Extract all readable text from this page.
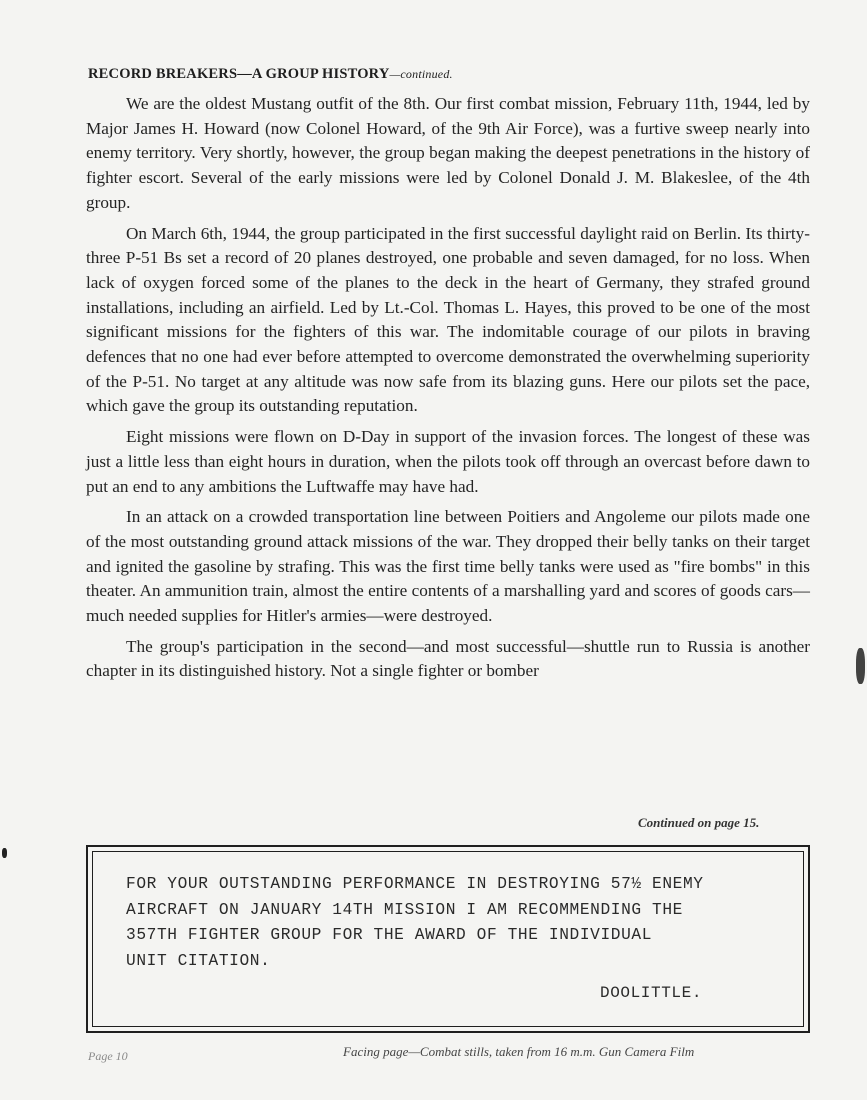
RECORD BREAKERS—A GROUP HISTORY—continued.

We are the oldest Mustang outfit of the 8th. Our first combat mission, February 11th, 1944, led by Major James H. Howard (now Colonel Howard, of the 9th Air Force), was a furtive sweep nearly into enemy territory. Very shortly, however, the group began making the deepest penetrations in the history of fighter escort. Several of the early missions were led by Colonel Donald J. M. Blakeslee, of the 4th group.

On March 6th, 1944, the group participated in the first successful daylight raid on Berlin. Its thirty-three P-51 Bs set a record of 20 planes destroyed, one probable and seven damaged, for no loss. When lack of oxygen forced some of the planes to the deck in the heart of Germany, they strafed ground installations, including an airfield. Led by Lt.-Col. Thomas L. Hayes, this proved to be one of the most significant missions for the fighters of this war. The indomitable courage of our pilots in braving defences that no one had ever before attempted to overcome demonstrated the overwhelming superiority of the P-51. No target at any altitude was now safe from its blazing guns. Here our pilots set the pace, which gave the group its outstanding reputation.

Eight missions were flown on D-Day in support of the invasion forces. The longest of these was just a little less than eight hours in duration, when the pilots took off through an overcast before dawn to put an end to any ambitions the Luftwaffe may have had.

In an attack on a crowded transportation line between Poitiers and Angoleme our pilots made one of the most outstanding ground attack missions of the war. They dropped their belly tanks on their target and ignited the gasoline by strafing. This was the first time belly tanks were used as "fire bombs" in this theater. An ammunition train, almost the entire contents of a marshalling yard and scores of goods cars—much needed supplies for Hitler's armies—were destroyed.

The group's participation in the second—and most successful—shuttle run to Russia is another chapter in its distinguished history. Not a single fighter or bomber

Continued on page 15.
FOR YOUR OUTSTANDING PERFORMANCE IN DESTROYING 57½ ENEMY
AIRCRAFT ON JANUARY 14TH MISSION I AM RECOMMENDING THE
357TH FIGHTER GROUP FOR THE AWARD OF THE INDIVIDUAL
UNIT CITATION.
DOOLITTLE.
Page 10	Facing page—Combat stills, taken from 16 m.m. Gun Camera Film
